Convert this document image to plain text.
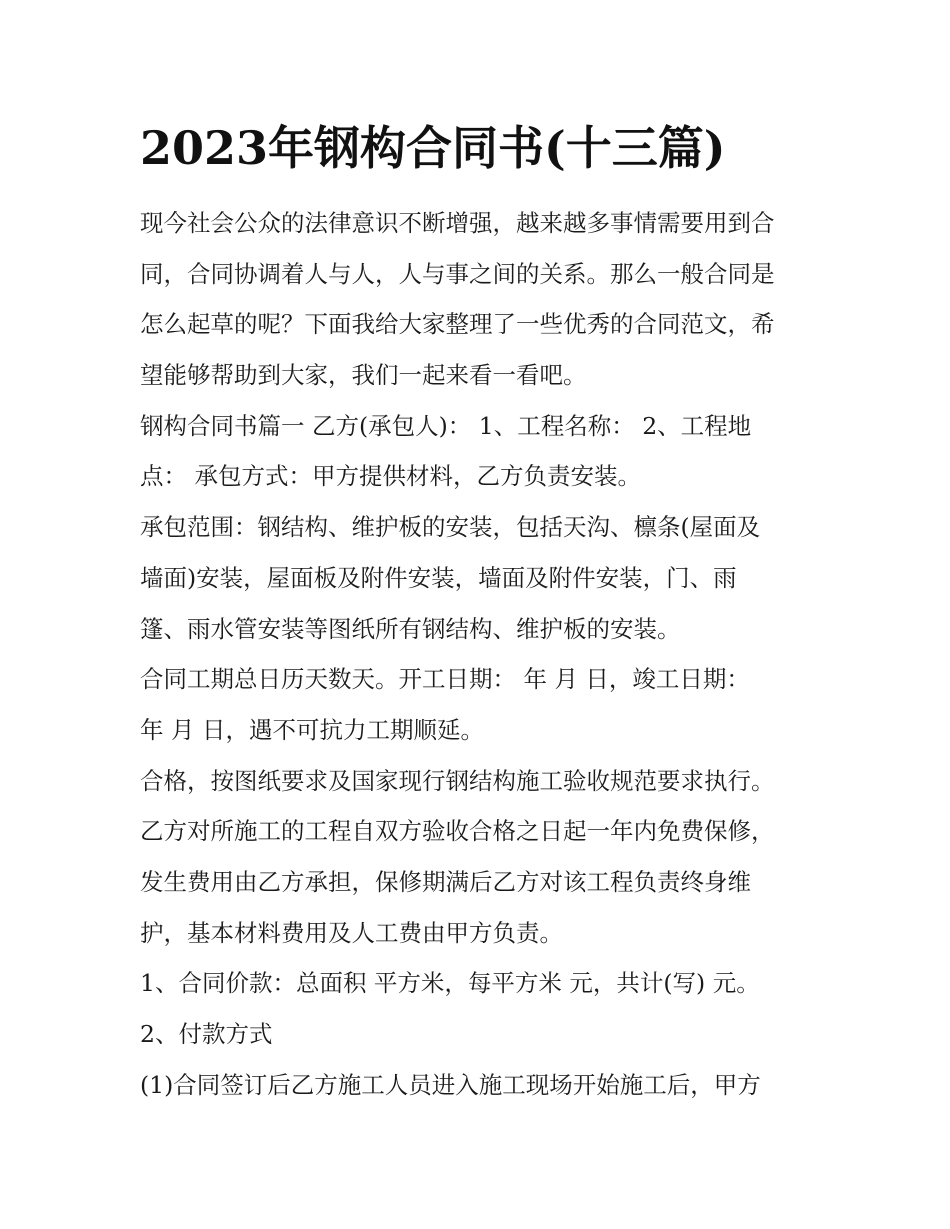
2023年钢构合同书(十三篇)
现今社会公众的法律意识不断增强，越来越多事情需要用到合
同，合同协调着人与人，人与事之间的关系。那么一般合同是
怎么起草的呢？下面我给大家整理了一些优秀的合同范文，希
望能够帮助到大家，我们一起来看一看吧。
钢构合同书篇一 乙方(承包人)： 1、工程名称： 2、工程地
点： 承包方式：甲方提供材料，乙方负责安装。
承包范围：钢结构、维护板的安装，包括天沟、檩条(屋面及
墙面)安装，屋面板及附件安装，墙面及附件安装，门、雨
篷、雨水管安装等图纸所有钢结构、维护板的安装。
合同工期总日历天数天。开工日期： 年 月 日，竣工日期：
年 月 日，遇不可抗力工期顺延。
合格，按图纸要求及国家现行钢结构施工验收规范要求执行。
乙方对所施工的工程自双方验收合格之日起一年内免费保修，
发生费用由乙方承担，保修期满后乙方对该工程负责终身维
护，基本材料费用及人工费由甲方负责。
1、合同价款：总面积 平方米，每平方米 元，共计(写) 元。
2、付款方式
(1)合同签订后乙方施工人员进入施工现场开始施工后，甲方
